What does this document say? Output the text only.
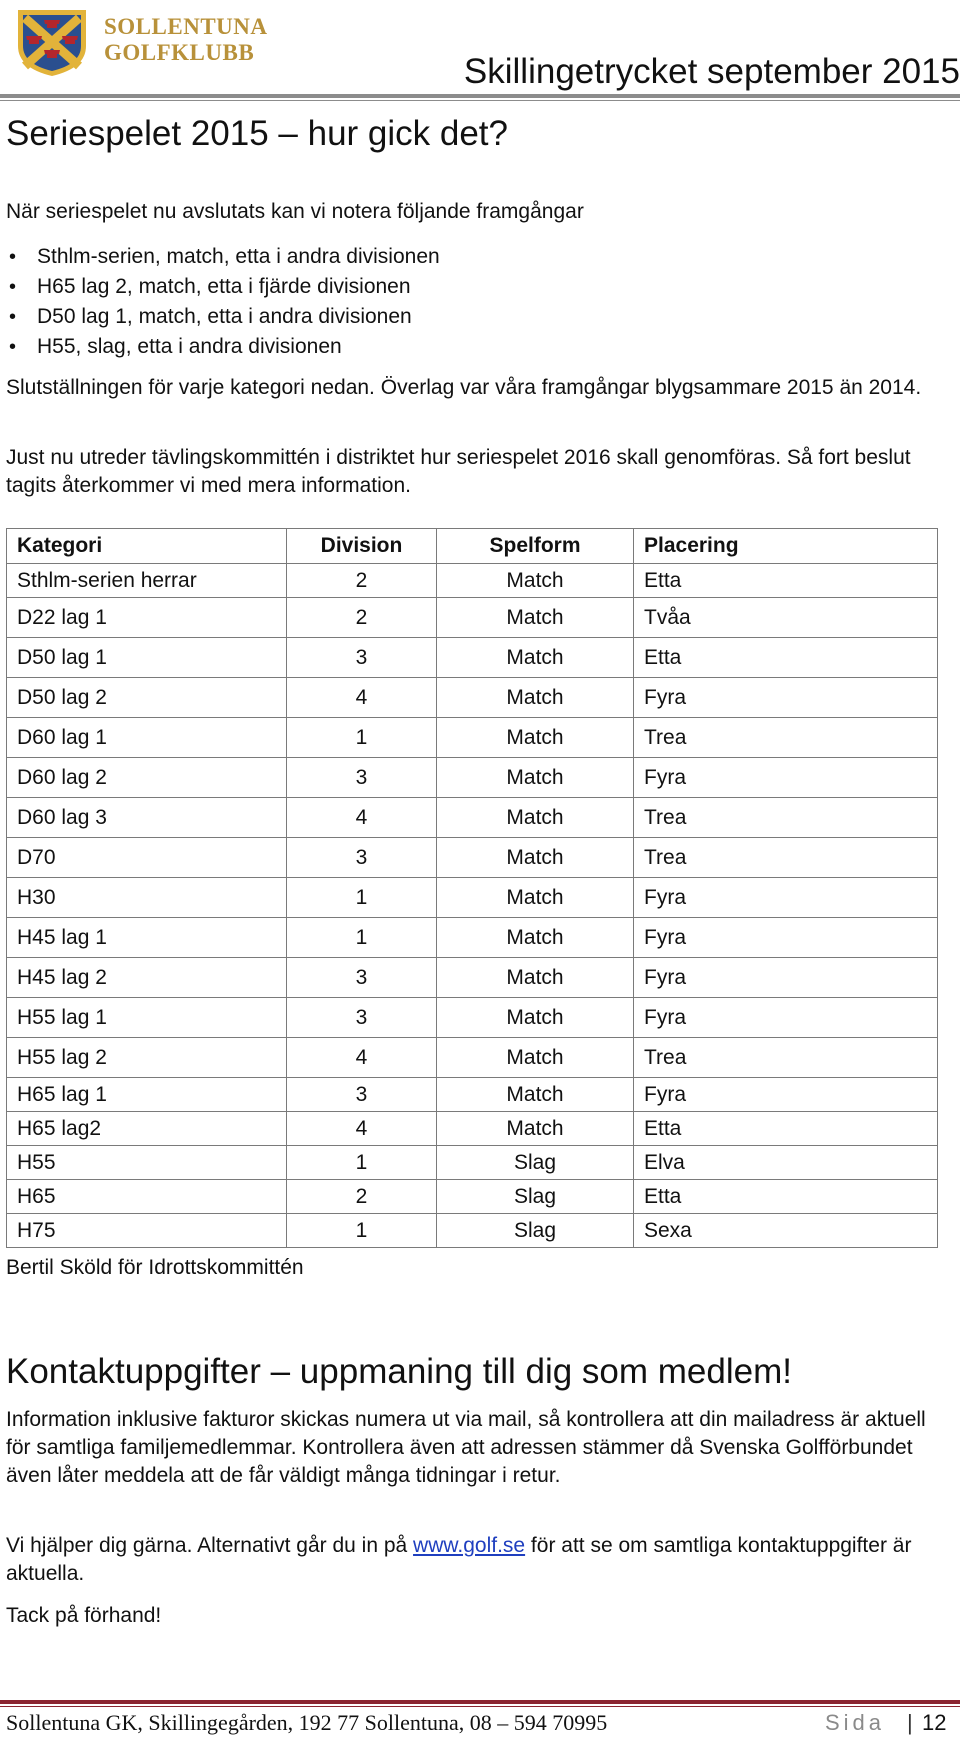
SOLLENTUNA
GOLFKLUBB	Skillingetrycket september 2015
Seriespelet 2015 – hur gick det?

När seriespelet nu avslutats kan vi notera följande framgångar

• Sthlm-serien, match, etta i andra divisionen
• H65 lag 2, match, etta i fjärde divisionen
• D50 lag 1, match, etta i andra divisionen
• H55, slag, etta i andra divisionen

Slutställningen för varje kategori nedan. Överlag var våra framgångar blygsammare 2015 än 2014.

Just nu utreder tävlingskommittén i distriktet hur seriespelet 2016 skall genomföras. Så fort beslut tagits återkommer vi med mera information.

Kategori	Division	Spelform	Placering
Sthlm-serien herrar	2	Match	Etta
D22 lag 1	2	Match	Tvåa
D50 lag 1	3	Match	Etta
D50 lag 2	4	Match	Fyra
D60 lag 1	1	Match	Trea
D60 lag 2	3	Match	Fyra
D60 lag 3	4	Match	Trea
D70	3	Match	Trea
H30	1	Match	Fyra
H45 lag 1	1	Match	Fyra
H45 lag 2	3	Match	Fyra
H55 lag 1	3	Match	Fyra
H55 lag 2	4	Match	Trea
H65 lag 1	3	Match	Fyra
H65 lag2	4	Match	Etta
H55	1	Slag	Elva
H65	2	Slag	Etta
H75	1	Slag	Sexa
Bertil Sköld för Idrottskommittén
Kontaktuppgifter – uppmaning till dig som medlem!

Information inklusive fakturor skickas numera ut via mail, så kontrollera att din mailadress är aktuell för samtliga familjemedlemmar. Kontrollera även att adressen stämmer då Svenska Golfförbundet även låter meddela att de får väldigt många tidningar i retur.

Vi hjälper dig gärna. Alternativt går du in på www.golf.se för att se om samtliga kontaktuppgifter är aktuella.

Tack på förhand!

Sollentuna GK, Skillingegården, 192 77 Sollentuna, 08 – 594 70995	Sida | 12
